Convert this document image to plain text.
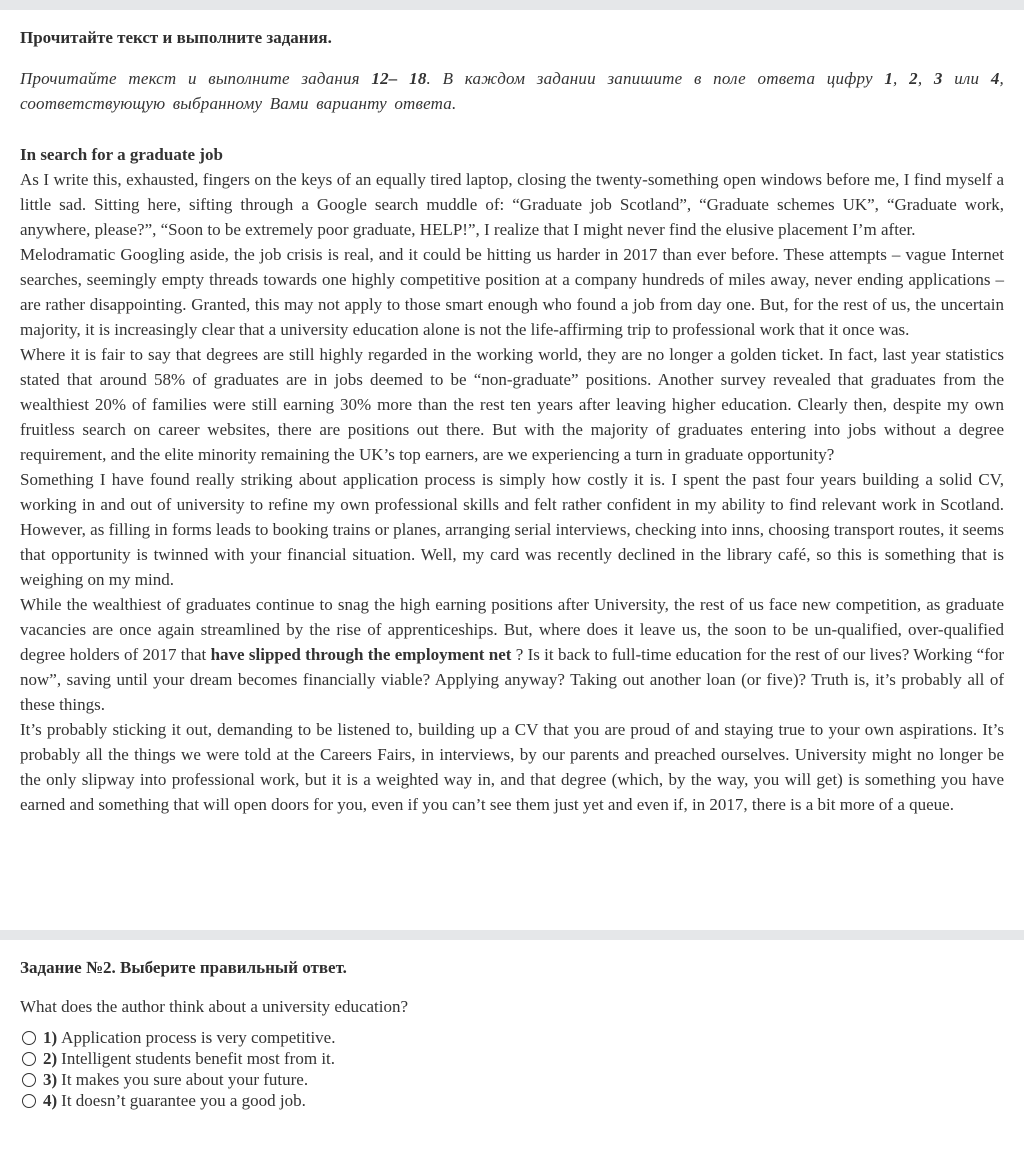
Прочитайте текст и выполните задания.

Прочитайте текст и выполните задания 12– 18. В каждом задании запишите в поле ответа цифру 1, 2, 3 или 4, соответствующую выбранному Вами варианту ответа.

In search for a graduate job

As I write this, exhausted, fingers on the keys of an equally tired laptop, closing the twenty-something open windows before me, I find myself a little sad. Sitting here, sifting through a Google search muddle of: “Graduate job Scotland”, “Graduate schemes UK”, “Graduate work, anywhere, please?”, “Soon to be extremely poor graduate, HELP!”, I realize that I might never find the elusive placement I’m after.

Melodramatic Googling aside, the job crisis is real, and it could be hitting us harder in 2017 than ever before. These attempts – vague Internet searches, seemingly empty threads towards one highly competitive position at a company hundreds of miles away, never ending applications – are rather disappointing. Granted, this may not apply to those smart enough who found a job from day one. But, for the rest of us, the uncertain majority, it is increasingly clear that a university education alone is not the life-affirming trip to professional work that it once was.

Where it is fair to say that degrees are still highly regarded in the working world, they are no longer a golden ticket. In fact, last year statistics stated that around 58% of graduates are in jobs deemed to be “non-graduate” positions. Another survey revealed that graduates from the wealthiest 20% of families were still earning 30% more than the rest ten years after leaving higher education. Clearly then, despite my own fruitless search on career websites, there are positions out there. But with the majority of graduates entering into jobs without a degree requirement, and the elite minority remaining the UK’s top earners, are we experiencing a turn in graduate opportunity?

Something I have found really striking about application process is simply how costly it is. I spent the past four years building a solid CV, working in and out of university to refine my own professional skills and felt rather confident in my ability to find relevant work in Scotland. However, as filling in forms leads to booking trains or planes, arranging serial interviews, checking into inns, choosing transport routes, it seems that opportunity is twinned with your financial situation. Well, my card was recently declined in the library café, so this is something that is weighing on my mind.

While the wealthiest of graduates continue to snag the high earning positions after University, the rest of us face new competition, as graduate vacancies are once again streamlined by the rise of apprenticeships. But, where does it leave us, the soon to be un-qualified, over-qualified degree holders of 2017 that have slipped through the employment net ? Is it back to full-time education for the rest of our lives? Working “for now”, saving until your dream becomes financially viable? Applying anyway? Taking out another loan (or five)? Truth is, it’s probably all of these things.

It’s probably sticking it out, demanding to be listened to, building up a CV that you are proud of and staying true to your own aspirations. It’s probably all the things we were told at the Careers Fairs, in interviews, by our parents and preached ourselves. University might no longer be the only slipway into professional work, but it is a weighted way in, and that degree (which, by the way, you will get) is something you have earned and something that will open doors for you, even if you can’t see them just yet and even if, in 2017, there is a bit more of a queue.

Задание №2. Выберите правильный ответ.

What does the author think about a university education?

1) Application process is very competitive.
2) Intelligent students benefit most from it.
3) It makes you sure about your future.
4) It doesn’t guarantee you a good job.
